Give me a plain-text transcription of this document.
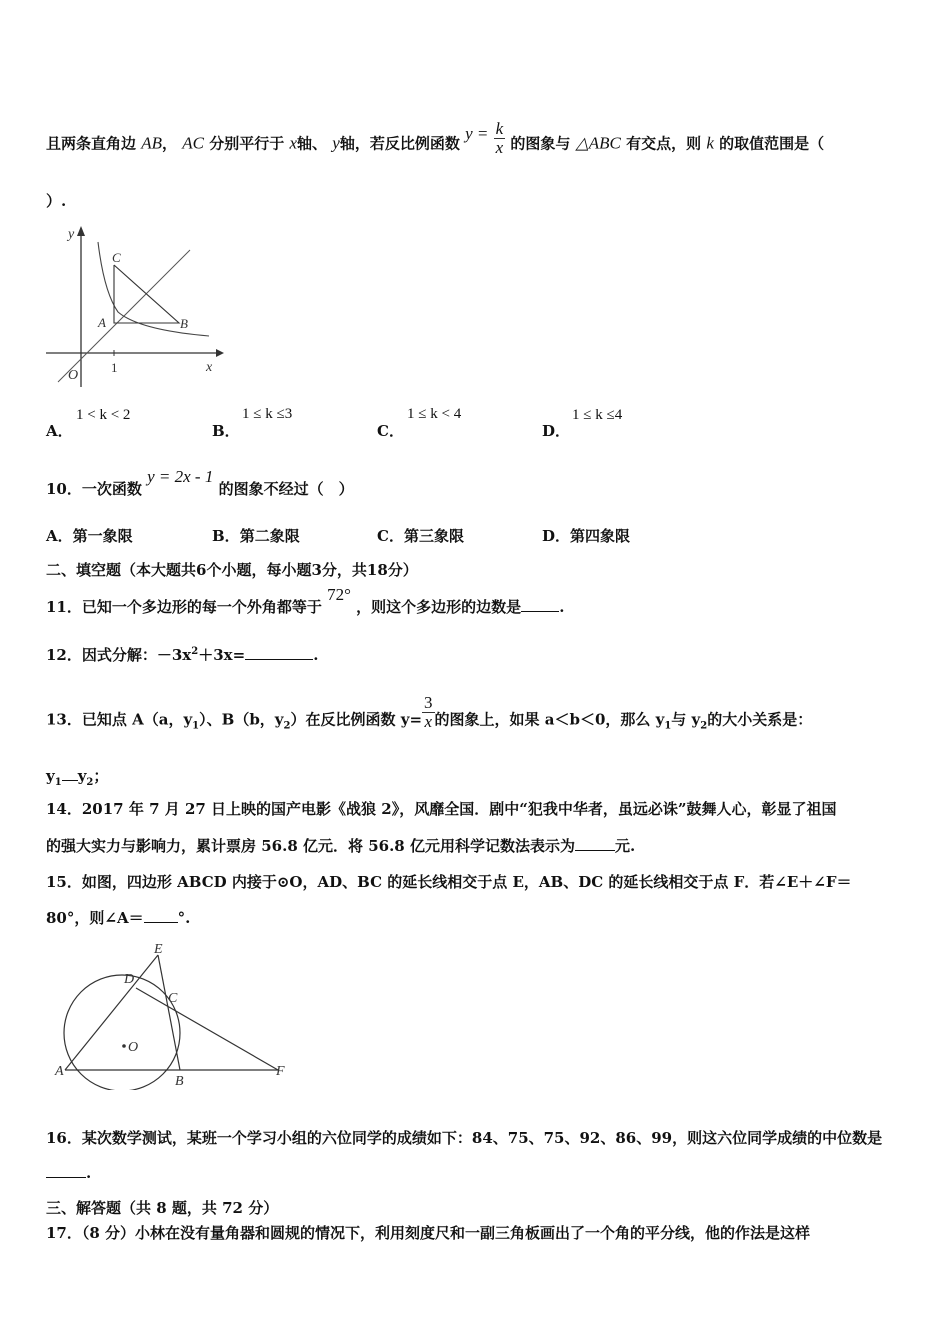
且两条直角边 AB， AC 分别平行于 x轴、 y轴，若反比例函数 $y = \frac{k}{x}$ 的图象与 △ABC 有交点，则 k 的取值范围是（
）.
y
x
O
A	B
C
1
A．
1 < k < 2
B．
1 ≤ k ≤3
C．
1 ≤ k < 4
D．
1 ≤ k ≤4
10．一次函数 y = 2x - 1 的图象不经过（　）
A．第一象限	B．第二象限	C．第三象限	D．第四象限
二、填空题（本大题共6个小题，每小题3分，共18分）
11．已知一个多边形的每一个外角都等于 72° ，则这个多边形的边数是	.
12．因式分解：$-3x^2+3x=$	.
13．已知点 A（a，$y_1$）、B（b，$y_2$）在反比例函数 $y= \frac{3}{x}$ 的图象上，如果 a＜b＜0，那么 $y_1$与 $y_2$的大小关系是：
$y_1$ $y_2$；
14．2017 年 7 月 27 日上映的国产电影《战狼 2》，风靡全国．剧中“犯我中华者，虽远必诛”鼓舞人心，彰显了祖国
的强大实力与影响力，累计票房 56.8 亿元．将 56.8 亿元用科学记数法表示为	元.
15．如图，四边形 ABCD 内接于⊙O，AD、BC 的延长线相交于点 E，AB、DC 的延长线相交于点 F．若∠E＋∠F＝
80°，则∠A＝ °.
A
B
C
D
E
F
O
16．某次数学测试，某班一个学习小组的六位同学的成绩如下：84、75、75、92、86、99，则这六位同学成绩的中位数是
.
三、解答题（共 8 题，共 72 分）
17．（8 分）小林在没有量角器和圆规的情况下，利用刻度尺和一副三角板画出了一个角的平分线，他的作法是这样
